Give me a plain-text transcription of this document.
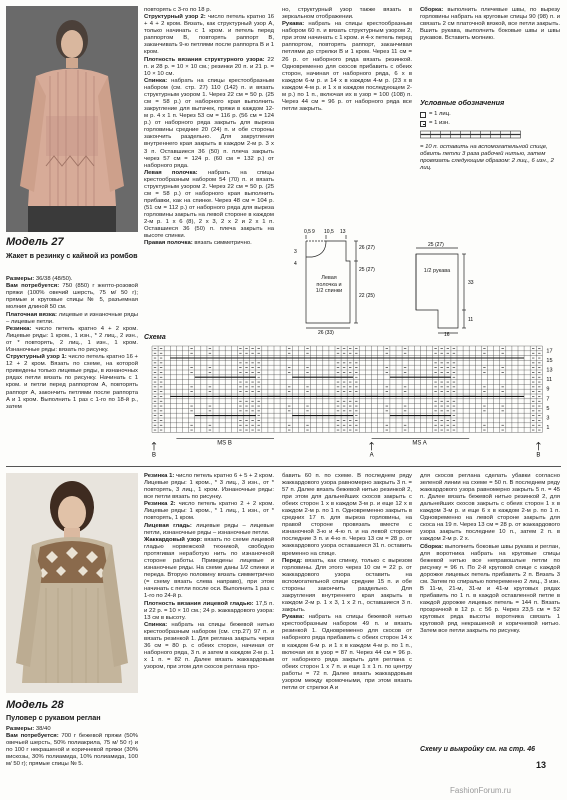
Модель 27
Жакет в резинку с каймой из ромбов

Размеры: 36/38 (48/50).

Вам потребуется: 750 (850) г желто-розовой пряжи (100% овечий шерсть, 75 м/ 50 г); прямые и круговые спицы № 5, разъемная молния длиной 50 см.

Платочная вязка: лицевые и изнаночные ряды – лицевые петли.

Резинка: число петель кратно 4 + 2 кром. Лицевые ряды: 1 кром., 1 изн., * 2 лиц., 2 изн., от * повторять, 2 лиц., 1 изн., 1 кром. Изнаночные ряды: вязать по рисунку.

Структурный узор 1: число петель кратно 16 + 12 + 2 кром. Вязать по схеме, на которой приведены только лицевые ряды, в изнаночных рядах петли вязать по рисунку. Начинать с 1 кром. и петли перед раппортом A, повторять раппорт A, закончить петлями после раппорта A и 1 кром. Выполнить 1 раз с 1-го по 18-й р., затем

повторять с 3-го по 18 р.

Структурный узор 2: число петель кратно 16 + 4 + 2 кром. Вязать, как структурный узор A, только начинать с 1 кром. и петель перед раппортом B, повторять раппорт B, заканчивать 9-ю петлями после раппорта B и 1 кром.

Плотность вязания структурного узора: 22 п. и 28 р. = 10 × 10 см.; резинки 20 п. и 21 р. = 10 × 10 см.

Спинка: набрать на спицы крестообразным набором (см. стр. 27) 110 (142) п. и вязать структурным узором 1. Через 22 см = 50 р. (25 см = 58 р.) от наборного края выполнить закругление для вытачек, пряжи в каждом 12-м р. 4 х 1 п. Через 53 см = 116 р. (56 см = 124 р.) от наборного ряда закрыть для выреза горловины средние 20 (24) п. и обе стороны закончить раздельно. Для закругления внутреннего края закрыть в каждом 2-м р. 3 х 3 п. Оставшиеся 36 (50) п. плеча закрыть через 57 см = 124 р. (60 см = 132 р.) от наборного ряда.

Левая полочка: набрать на спицы крестообразным набором 54 (70) п. и вязать структурным узором 2. Через 22 см = 50 р. (25 см = 58 р.) от наборного края выполнить прибавки, как на спинке. Через 48 см = 104 р. (51 см = 112 р.) от наборного ряда для выреза горловины закрыть на левой стороне в каждом 2-м р. 1 х 6 (8), 2 х 3, 2 х 2 и 2 х 1 п. Оставшиеся 36 (50) п. плеча закрыть на высоте спинки.

Правая полочка: вязать симметрично.

но, структурный узор также вязать в зеркальном отображении.

Рукава: набрать на спицы крестообразным набором 60 п. и вязать структурным узором 2, при этом начинать с 1 кром. и 4-х петель перед раппортом, повторять раппорт, заканчивая петлями до стрелки B и 1 кром. Через 11 см = 26 р. от наборного ряда вязать резинкой. Одновременно для скосов прибавить с обеих сторон, начиная от наборного ряда, 6 х в каждом 6-м р. и 14 х в каждом 4-м р. (23 х в каждом 4-м р. и 1 х в каждом последующем 2-м р.) по 1 п., включая их в узор = 100 (108) п. Через 44 см = 96 р. от наборного ряда все петли закрыть.

Сборка: выполнить плечевые швы, по вырезу горловины набрать на круговые спицы 90 (98) п. и связать 2 см платочной вязкой, все петли закрыть. Вшить рукава, выполнить боковые швы и швы рукавов. Вставить молнию.

Условные обозначения
= 1 лиц.
= 1 изн.
= 10 п. оставить на вспомогательной спице, обвить петли 3 раза рабочей нитью, затем провязать следующим образом: 2 лиц., 6 изн., 2 лиц.
0,5 9 10,5 13
3
4
26 (27)
25 (27)
22 (25)
26 (33)
Левая полочка и 1/2 спинки
25 (27)
33
11
16
1/2 рукава
Схема
17
15
13
11
9
7
5
3
1
MS B	MS A
B	A	B
Модель 28
Пуловер с рукавом реглан

Размеры: 38/40

Вам потребуется: 700 г бежевой пряжи (50% овечьей шерсть, 50% полиакрила, 75 м/ 50 г) и по 100 г некрашеной и коричневой пряжи (30% вискозы, 30% полиамида, 10% полиамида, 100 м/ 50 г); прямые спицы № 5.

Резинка 1: число петель кратно 6 + 5 + 2 кром. Лицевые ряды: 1 кром., * 3 лиц., 3 изн., от * повторять, 3 лиц., 1 кром. Изнаночные ряды: все петли вязать по рисунку.

Резинка 2: число петель кратно 2 + 2 кром. Лицевые ряды: 1 кром., * 1 лиц., 1 изн., от * повторять, 1 кром.

Лицевая гладь: лицевые ряды – лицевые петли, изнаночные ряды – изнаночные петли.

Жаккардовый узор: вязать по схеме лицевой гладью норвежской техникой, свободно протягивая неработую нить по изнаночной стороне работы. Приведены лицевые и изнаночные ряды. На схеме даны 1/2 спинки и переда. Вторую половину вязать симметрично (= схему вязать слева направо), при этом начинать с петли после оси. Выполнить 1 раз с 1-го по 24-й р.

Плотность вязания лицевой гладью: 17,5 п. и 22 р. = 10 × 10 см.; 24 р. жаккардового узора: 13 см в высоту.

Спинка: набрать на спицы бежевой нитью крестообразным набором (см. стр.27) 97 п. и вязать резинкой 1. Для реглана закрыть через 36 см = 80 р. с обеих сторон, начиная от наборного ряда, 3 п. и затем в каждом 2-м р. 1 х 1 п. = 82 п. Далее вязать жаккардовым узором, при этом для скосов реглана про-

бавить 60 п. по схеме. В последнем ряду жаккардового узора равномерно закрыть 3 п. = 57 п. Далее вязать бежевой нитью резинкой 2, при этом для дальнейших скосов закрыть с обеих сторон 1 х в каждом 3-м р. и еще 12 х в каждом 2-м р. по 1 п. Одновременно закрыть в средних 17 п. для выреза горловины, на правой стороне провязать вместе с изнаночной 3-ю и 4-ю п. и на левой стороне последние 3 п. и 4-ю п. Через 13 см = 28 р. от жаккардового узора оставшиеся 31 п. оставить временно на спице.

Перед: вязать, как спинку, только с вырезом горловины. Для этого через 10 см = 22 р. от жаккардового узора оставить на вспомогательной спице средние 15 п. и обе стороны закончить раздельно. Для закругления внутреннего края закрыть в каждом 2-м р. 1 х 3, 1 х 2 п., оставшиеся 3 п. закрыть.

Рукава: набрать на спицы бежевой нитью крестообразным набором 49 п. и вязать резинкой 1. Одновременно для скосов от наборного ряда прибавить с обеих сторон 14 х в каждом 6-м р. и 1 х в каждом 4-м р. по 1 п., включая их в узор = 87 п. Через 44 см = 96 р. от наборного ряда закрыть для реглана с обеих сторон 1 х 7 п. и еще 1 х 1 п. по центру работы = 72 п. Далее вязать жаккардовым узором между кромочными, при этом вязать петли от стрелки A и

для скосов реглана сделать убавки согласно зеленой линии на схеме = 50 п. В последнем ряду жаккардового узора равномерно закрыть 5 п. = 45 п. Далее вязать бежевой нитью резинкой 2, для дальнейших скосов закрыть с обеих сторон 1 х в каждом 3-м р. и еще 6 х в каждом 2-м р. по 1 п. Одновременно на левой стороне закрыть для скоса на 19 п. Через 13 см = 28 р. от жаккардового узора закрыть последние 10 п., затем 2 п. в каждом 2-м р. 2 х.

Сборка: выполнить боковые швы рукава и реглан, для воротника набрать на круговые спицы бежевой нитью все неправошлые петли по рисунку = 96 п. По 2-й круговой спице с каждой дорожке лицевых петель прибавить 2 п. Вязать 3 см. Затем по спиралью попеременно 2 лиц., 3 изн. В 11-м, 21-м, 31-м и 41-м круговых рядах прибавить по 1 п. в каждой оставленной петле в каждой дорожке лицевых петель = 144 п. Вязать прозрачной в 12 р. с 56 р. Через 23,5 см = 52 круговых ряда высоты воротника связать 1 круговой ряд некрашеной и коричневой нитью. Затем все петли закрыть по рисунку.

Схему и выкройку см. на стр. 46
FashionForum.ru
13
